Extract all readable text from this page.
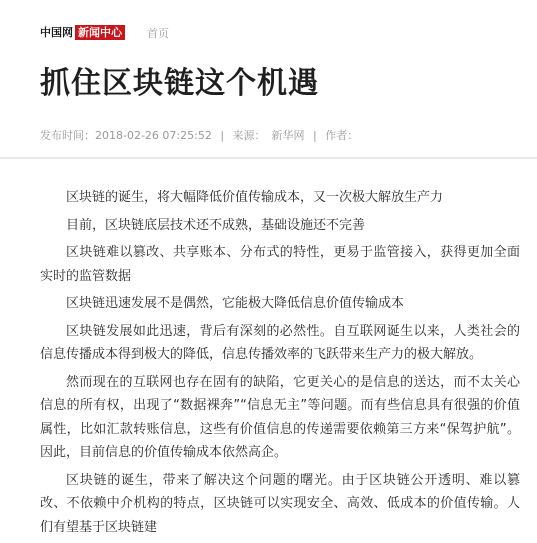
中国网 新闻中心 首页
抓住区块链这个机遇
发布时间：2018-02-26 07:25:52 | 来源： 新华网 | 作者：

区块链的诞生，将大幅降低价值传输成本，又一次极大解放生产力

目前，区块链底层技术还不成熟，基础设施还不完善

区块链难以篡改、共享账本、分布式的特性，更易于监管接入，获得更加全面实时的监管数据

区块链迅速发展不是偶然，它能极大降低信息价值传输成本

区块链发展如此迅速，背后有深刻的必然性。自互联网诞生以来，人类社会的信息传播成本得到极大的降低，信息传播效率的飞跃带来生产力的极大解放。

然而现在的互联网也存在固有的缺陷，它更关心的是信息的送达，而不太关心信息的所有权，出现了“数据裸奔”“信息无主”等问题。而有些信息具有很强的价值属性，比如汇款转账信息，这些有价值信息的传递需要依赖第三方来“保驾护航”。因此，目前信息的价值传输成本依然高企。

区块链的诞生，带来了解决这个问题的曙光。由于区块链公开透明、难以篡改、不依赖中介机构的特点，区块链可以实现安全、高效、低成本的价值传输。人们有望基于区块链建
